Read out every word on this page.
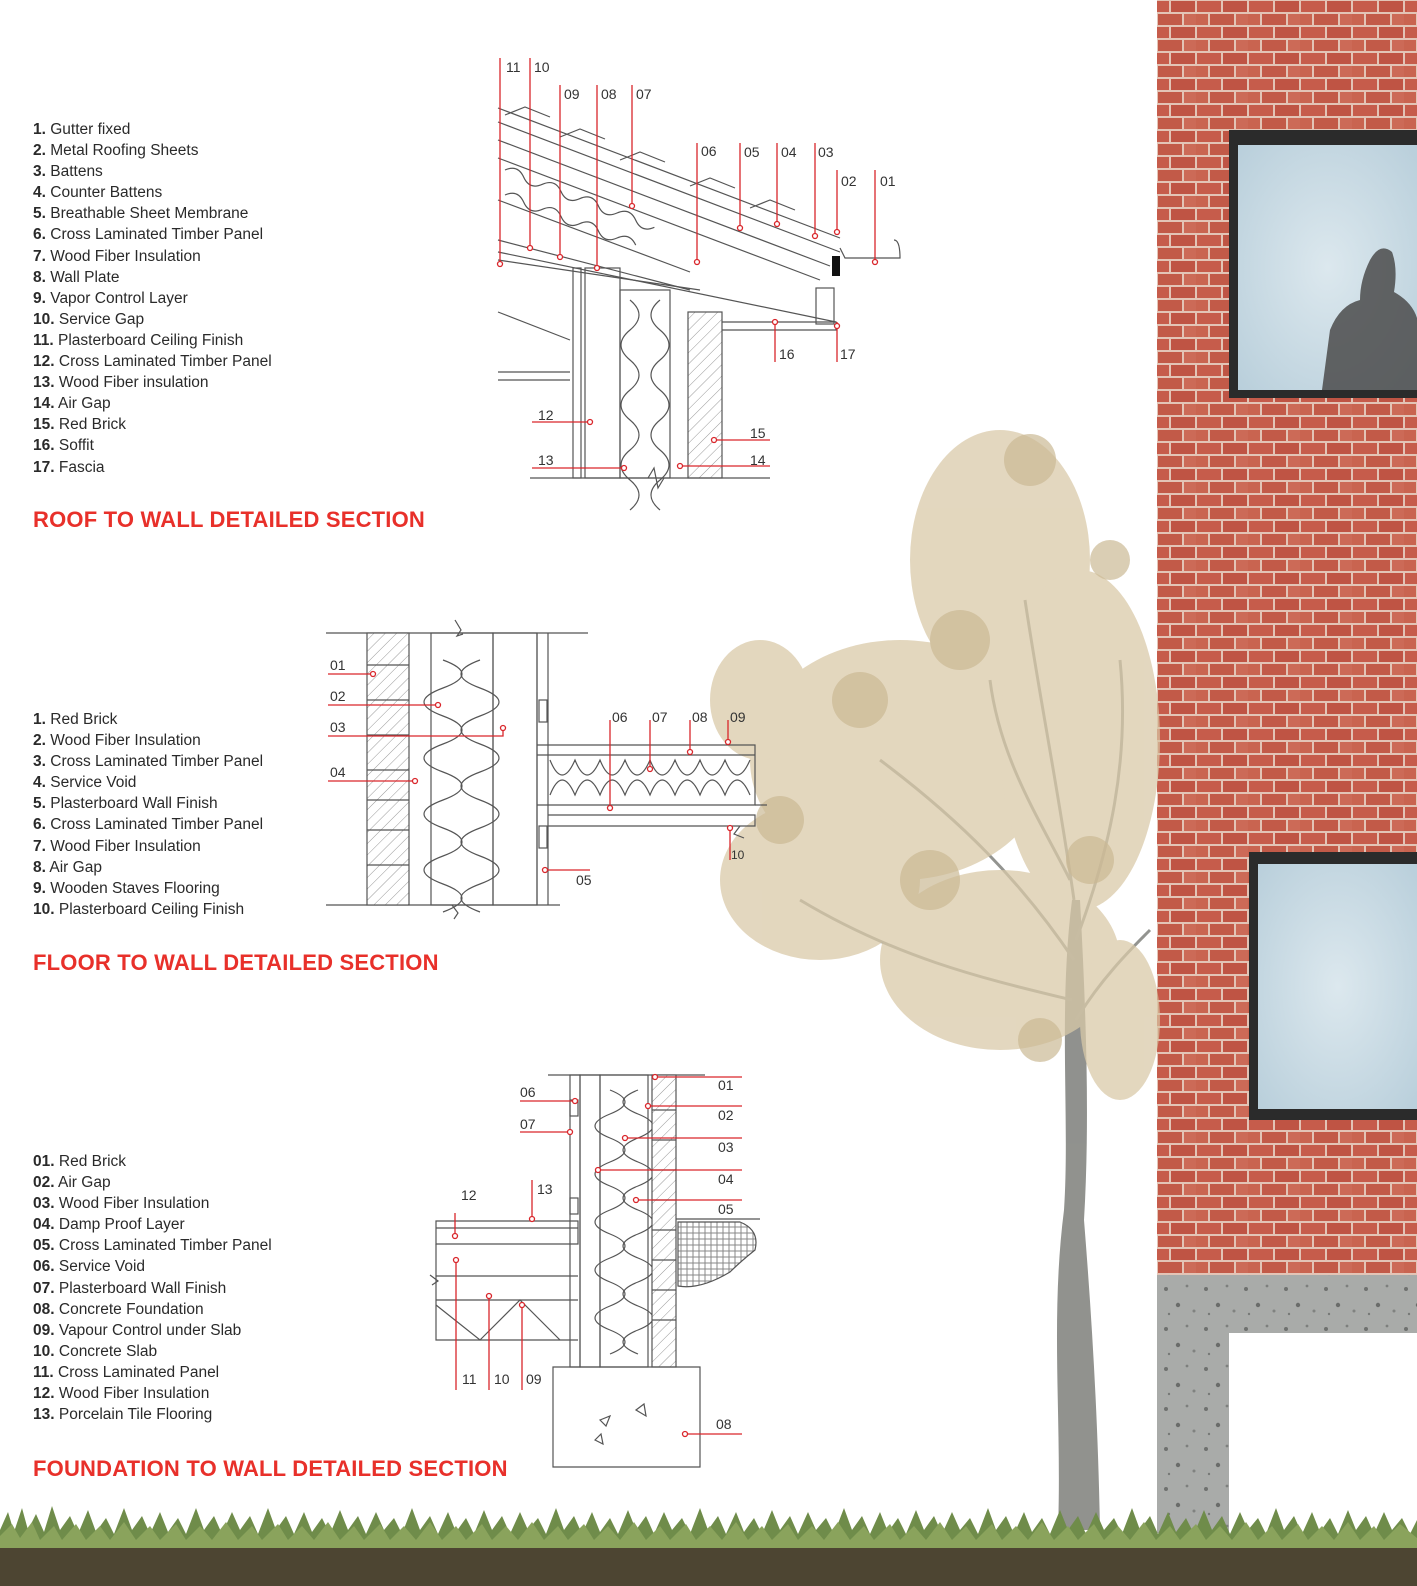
1. Gutter fixed
2. Metal Roofing Sheets
3. Battens
4. Counter Battens
5. Breathable Sheet Membrane
6. Cross Laminated Timber Panel
7. Wood Fiber Insulation
8. Wall Plate
9. Vapor Control Layer
10. Service Gap
11. Plasterboard Ceiling Finish
12. Cross Laminated Timber Panel
13. Wood Fiber insulation
14. Air Gap
15. Red Brick
16. Soffit
17. Fascia
ROOF TO WALL DETAILED SECTION
1. Red Brick
2. Wood Fiber Insulation
3. Cross Laminated Timber Panel
4. Service Void
5. Plasterboard Wall Finish
6. Cross Laminated Timber Panel
7. Wood Fiber Insulation
8. Air Gap
9. Wooden Staves Flooring
10. Plasterboard Ceiling Finish
FLOOR TO WALL DETAILED SECTION
01. Red Brick
02. Air Gap
03. Wood Fiber Insulation
04. Damp Proof Layer
05. Cross Laminated Timber Panel
06. Service Void
07. Plasterboard Wall Finish
08. Concrete Foundation
09. Vapour Control under Slab
10. Concrete Slab
11. Cross Laminated Panel
12. Wood Fiber Insulation
13. Porcelain Tile Flooring
FOUNDATION TO WALL DETAILED SECTION
11 10
09 08 07
06 05 04 03
02 01
16	17
12
13
15
14
01
02
03
04
06 07 08 09
10
05
06
07
01
02
03
04
05
12	13
11 10 09
08
